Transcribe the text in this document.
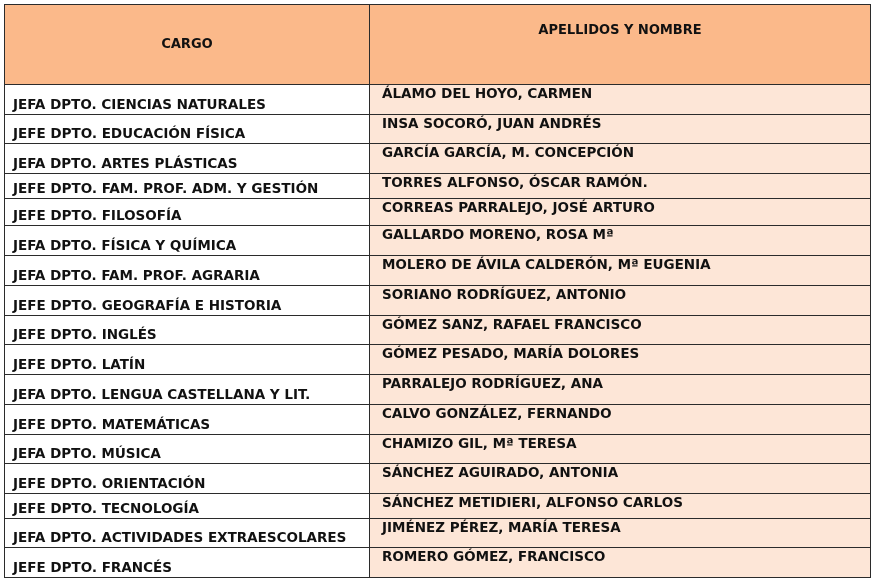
CARGO	APELLIDOS Y NOMBRE
JEFA DPTO. CIENCIAS NATURALES	ÁLAMO DEL HOYO, CARMEN
JEFE DPTO. EDUCACIÓN FÍSICA	INSA SOCORÓ, JUAN ANDRÉS
JEFA DPTO. ARTES PLÁSTICAS	GARCÍA GARCÍA, M. CONCEPCIÓN
JEFE DPTO. FAM. PROF. ADM. Y GESTIÓN	TORRES ALFONSO, ÓSCAR RAMÓN.
JEFE DPTO. FILOSOFÍA	CORREAS PARRALEJO, JOSÉ ARTURO
JEFA DPTO. FÍSICA Y QUÍMICA	GALLARDO MORENO, ROSA Mª
JEFA DPTO. FAM. PROF. AGRARIA	MOLERO DE ÁVILA CALDERÓN, Mª EUGENIA
JEFE DPTO. GEOGRAFÍA E HISTORIA	SORIANO RODRÍGUEZ, ANTONIO
JEFE DPTO. INGLÉS	GÓMEZ SANZ, RAFAEL FRANCISCO
JEFE DPTO. LATÍN	GÓMEZ PESADO, MARÍA DOLORES
JEFA DPTO. LENGUA CASTELLANA Y LIT.	PARRALEJO RODRÍGUEZ, ANA
JEFE DPTO. MATEMÁTICAS	CALVO GONZÁLEZ, FERNANDO
JEFA DPTO. MÚSICA	CHAMIZO GIL, Mª TERESA
JEFE DPTO. ORIENTACIÓN	SÁNCHEZ AGUIRADO, ANTONIA
JEFE DPTO. TECNOLOGÍA	SÁNCHEZ METIDIERI, ALFONSO CARLOS
JEFA DPTO. ACTIVIDADES EXTRAESCOLARES	JIMÉNEZ PÉREZ, MARÍA TERESA
JEFE DPTO. FRANCÉS	ROMERO GÓMEZ, FRANCISCO
